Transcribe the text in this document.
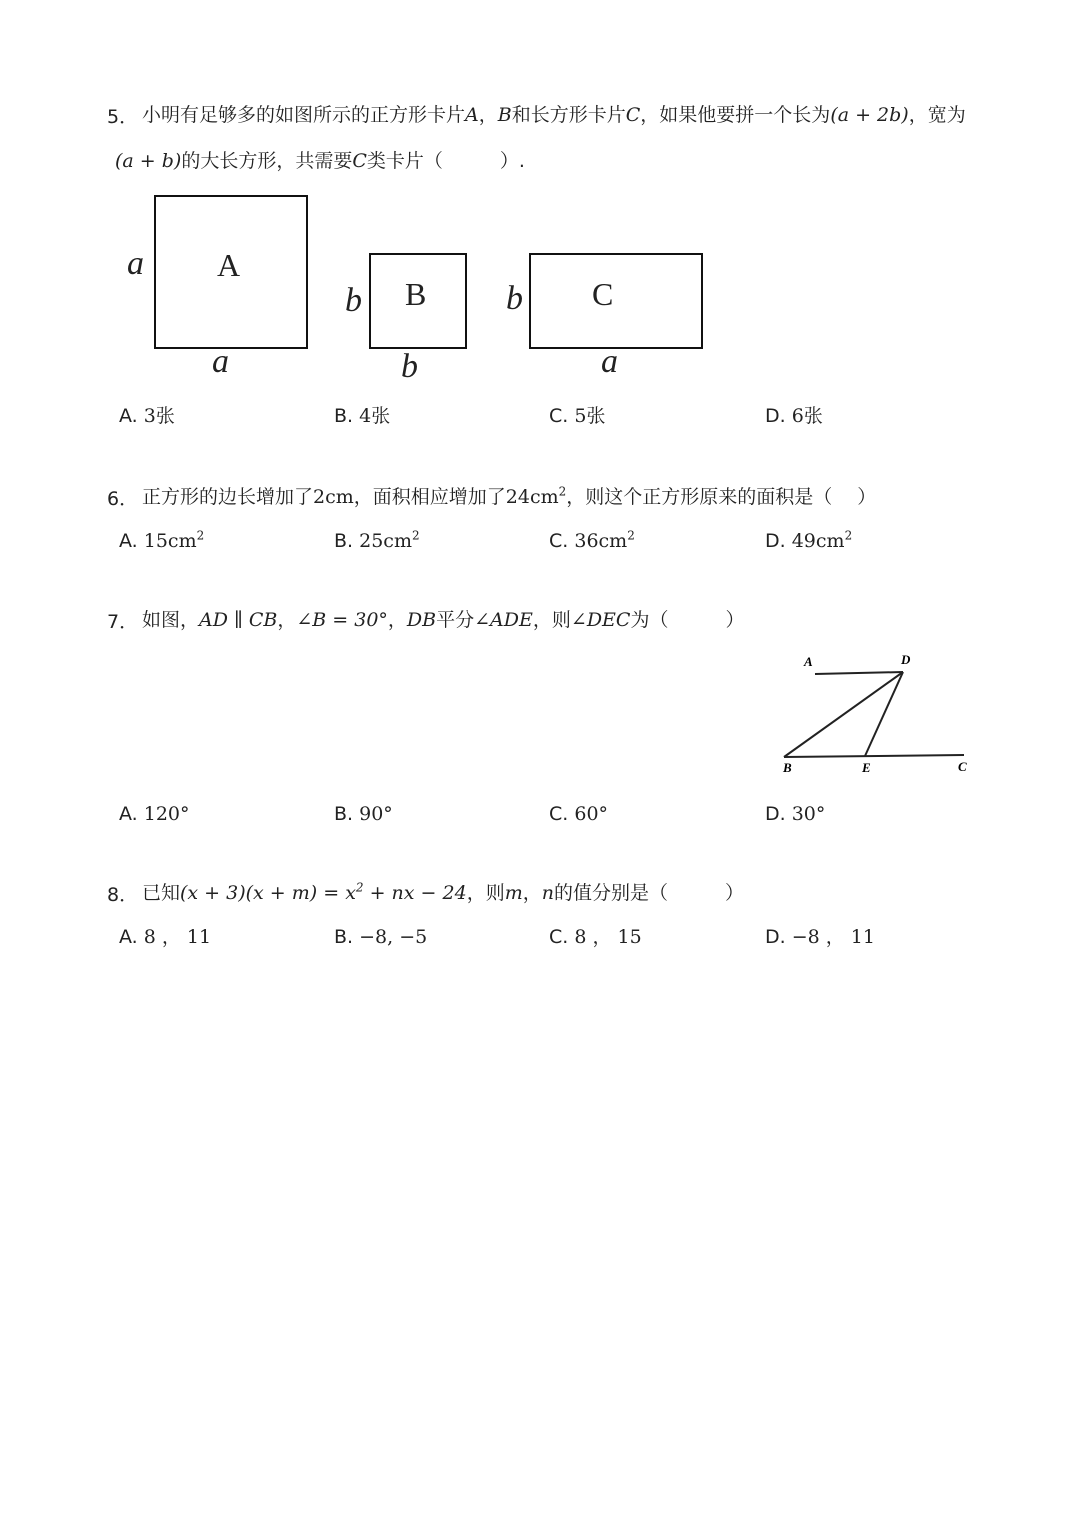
5． 小明有足够多的如图所示的正方形卡片A，B和长方形卡片C，如果他要拼一个长为(a + 2b)，宽为
(a + b)的大长方形，共需要C类卡片（　　　）.
A
a
a
B
b
b
C
b
a
A. 3张	B. 4张	C. 5张	D. 6张
6． 正方形的边长增加了2cm，面积相应增加了$24cm^2$，则这个正方形原来的面积是（　 ）
A. $15cm^2$	B. $25cm^2$	C. $36cm^2$	D. $49cm^2$
7． 如图，AD ∥ CB，∠B = 30°，DB平分∠ADE，则∠DEC为（　　　）
A	D
B	E	C
A. 120°	B. 90°	C. 60°	D. 30°
8． 已知$(x + 3)(x + m) = x^2$ + nx − 24，则m，n的值分别是（　　　）
A. 8 ， 11	B. −8, −5	C. 8 ， 15	D. −8 ， 11
